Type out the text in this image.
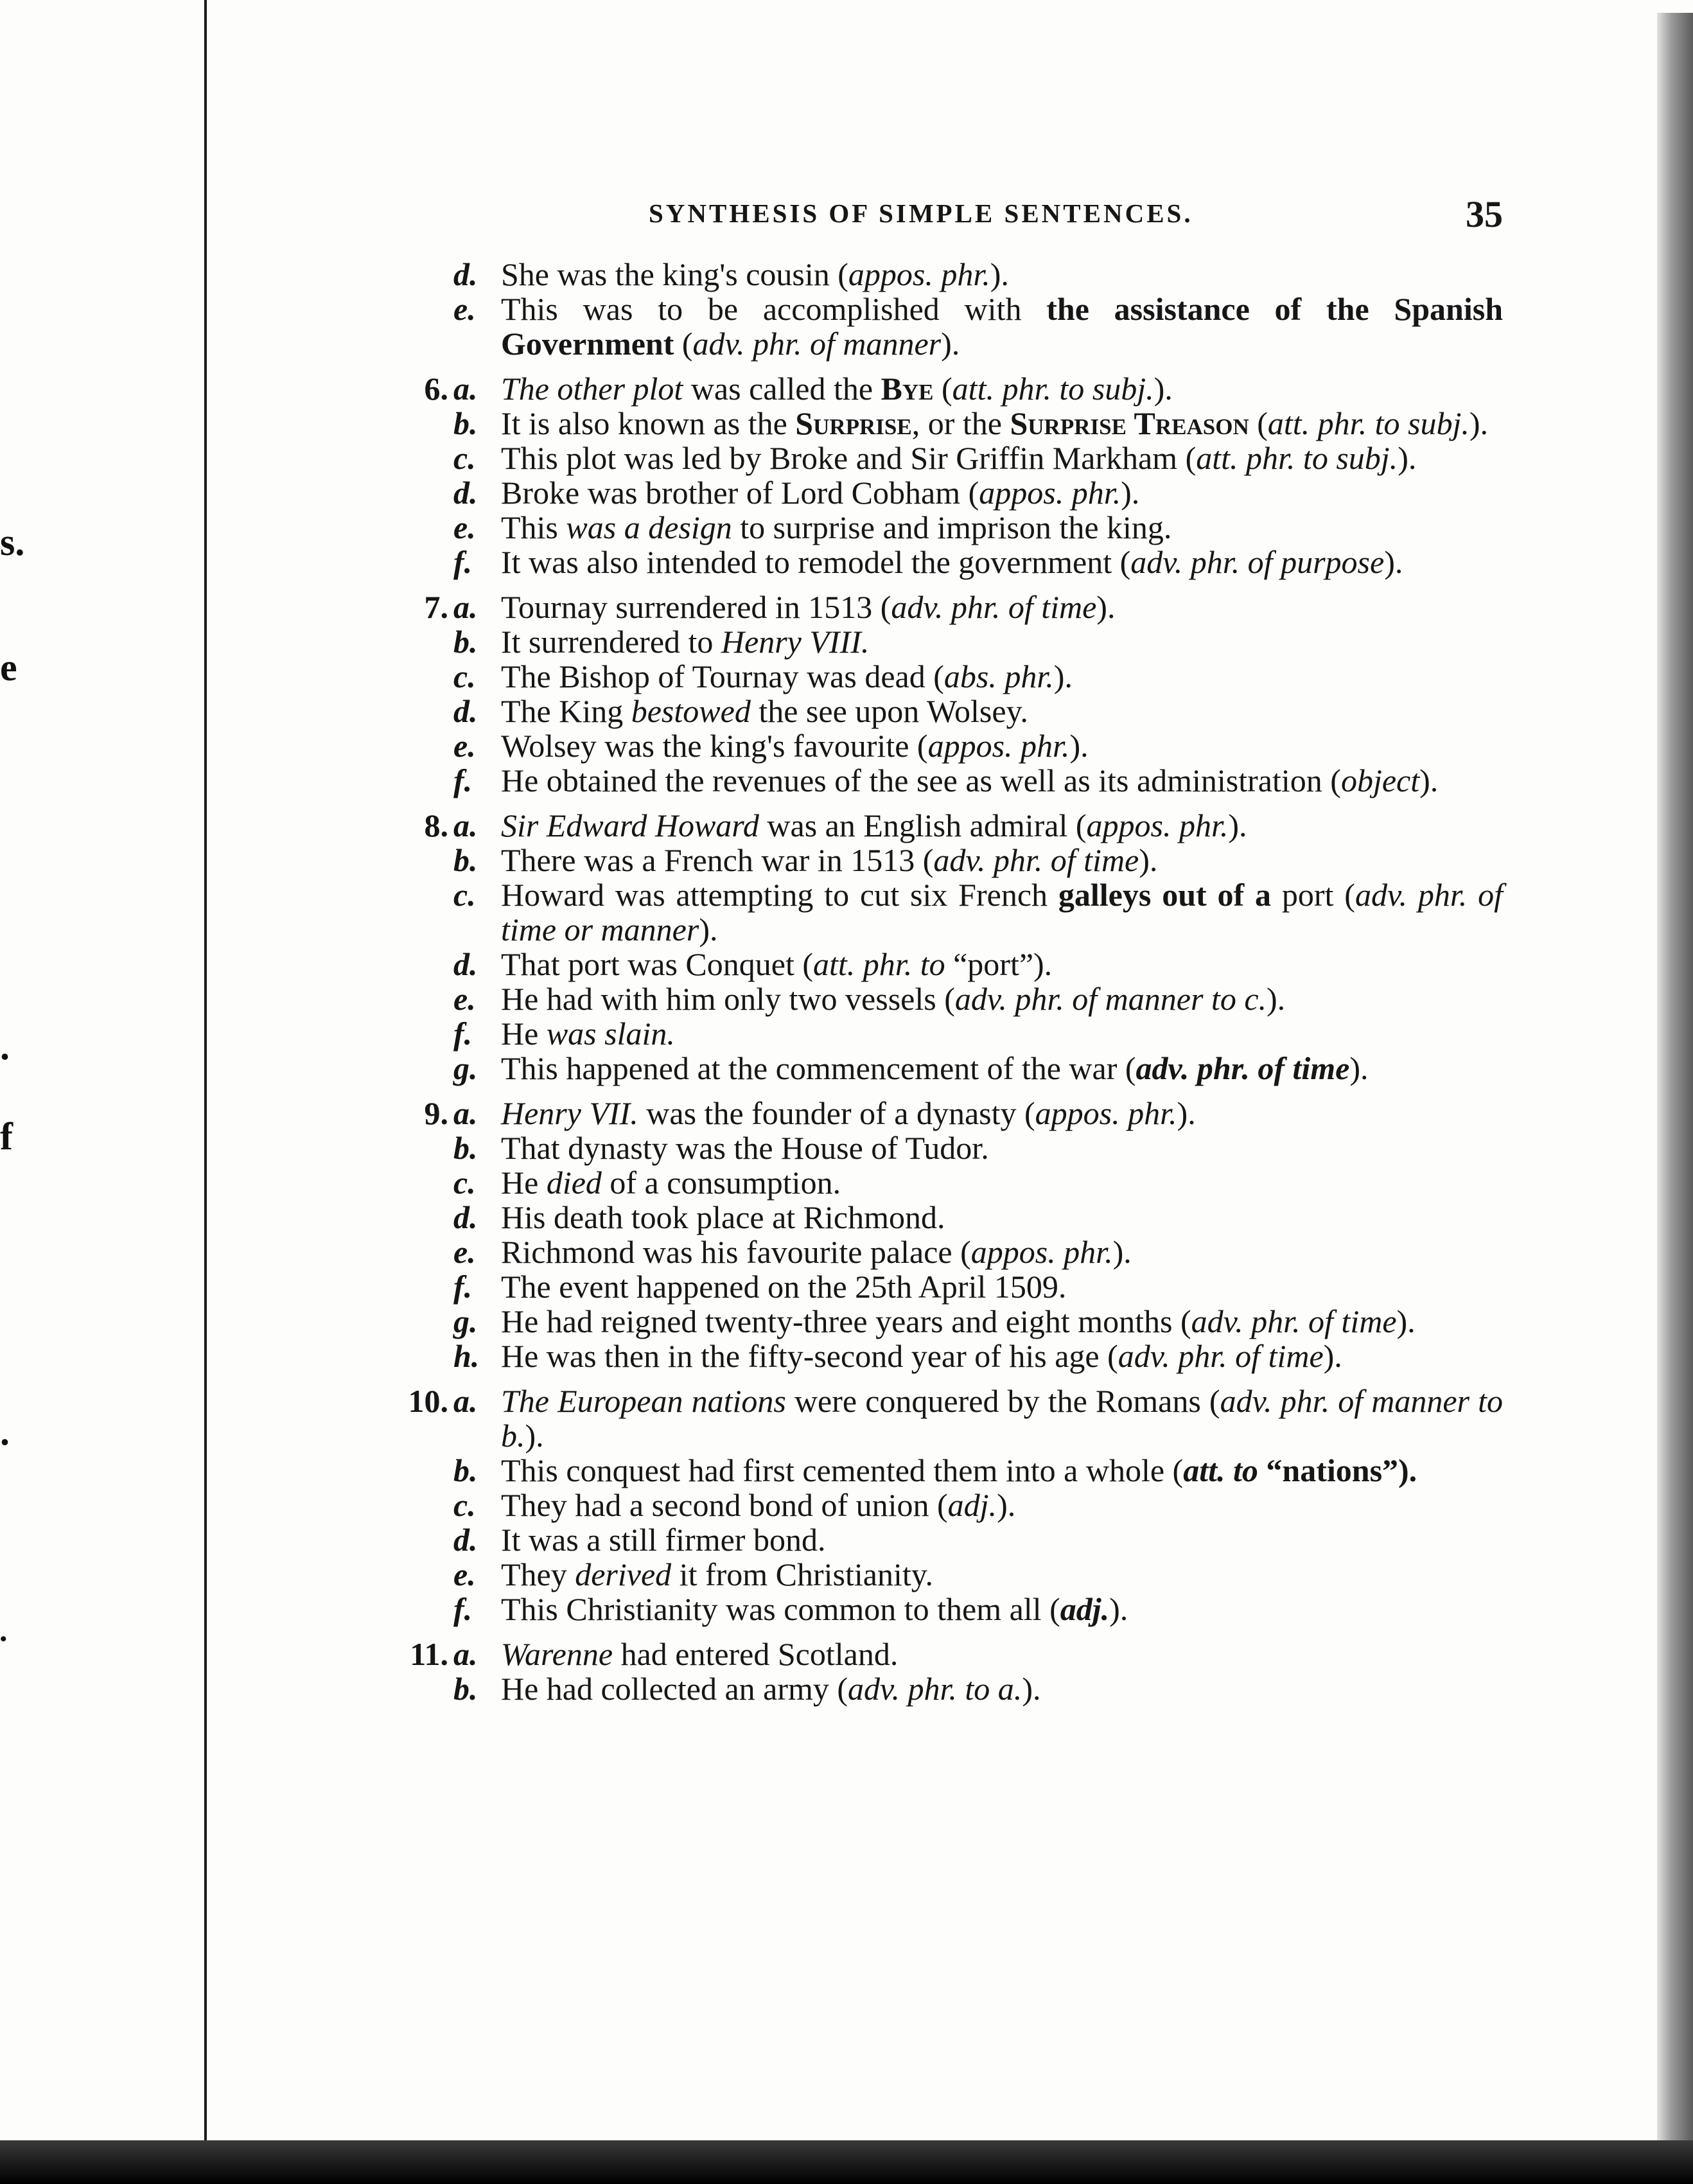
s.
e
.
f
.
•
SYNTHESIS OF SIMPLE SENTENCES.	35
d. She was the king's cousin (appos. phr.).
e. This was to be accomplished with the assistance of the Spanish Government (adv. phr. of manner).
6. a. The other plot was called the Bye (att. phr. to subj.).
b. It is also known as the Surprise, or the Surprise Treason (att. phr. to subj.).
c. This plot was led by Broke and Sir Griffin Markham (att. phr. to subj.).
d. Broke was brother of Lord Cobham (appos. phr.).
e. This was a design to surprise and imprison the king.
f. It was also intended to remodel the government (adv. phr. of purpose).
7. a. Tournay surrendered in 1513 (adv. phr. of time).
b. It surrendered to Henry VIII.
c. The Bishop of Tournay was dead (abs. phr.).
d. The King bestowed the see upon Wolsey.
e. Wolsey was the king's favourite (appos. phr.).
f. He obtained the revenues of the see as well as its administration (object).
8. a. Sir Edward Howard was an English admiral (appos. phr.).
b. There was a French war in 1513 (adv. phr. of time).
c. Howard was attempting to cut six French galleys out of a port (adv. phr. of time or manner).
d. That port was Conquet (att. phr. to “port”).
e. He had with him only two vessels (adv. phr. of manner to c.).
f. He was slain.
g. This happened at the commencement of the war (adv. phr. of time).
9. a. Henry VII. was the founder of a dynasty (appos. phr.).
b. That dynasty was the House of Tudor.
c. He died of a consumption.
d. His death took place at Richmond.
e. Richmond was his favourite palace (appos. phr.).
f. The event happened on the 25th April 1509.
g. He had reigned twenty-three years and eight months (adv. phr. of time).
h. He was then in the fifty-second year of his age (adv. phr. of time).
10. a. The European nations were conquered by the Romans (adv. phr. of manner to b.).
b. This conquest had first cemented them into a whole (att. to “nations”).
c. They had a second bond of union (adj.).
d. It was a still firmer bond.
e. They derived it from Christianity.
f. This Christianity was common to them all (adj.).
11. a. Warenne had entered Scotland.
b. He had collected an army (adv. phr. to a.).
